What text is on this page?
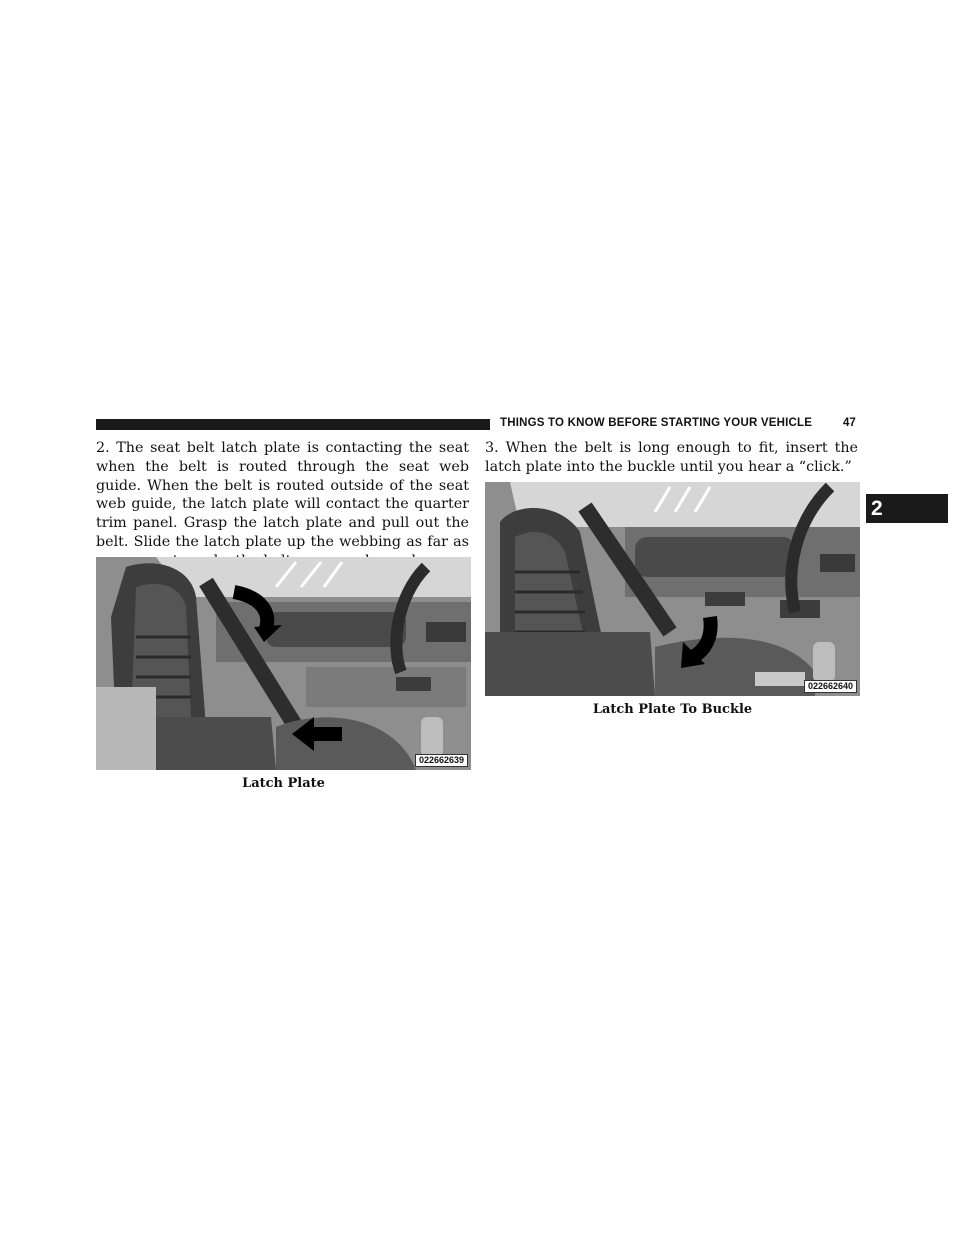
THINGS TO KNOW BEFORE STARTING YOUR VEHICLE	47
2

2. The seat belt latch plate is contacting the seat when the belt is routed through the seat web guide. When the belt is routed outside of the seat web guide, the latch plate will contact the quarter trim panel. Grasp the latch plate and pull out the belt. Slide the latch plate up the webbing as far as

022662639
Latch Plate

3. When the belt is long enough to fit, insert the latch plate into the buckle until you hear a “click.”

022662640
Latch Plate To Buckle
